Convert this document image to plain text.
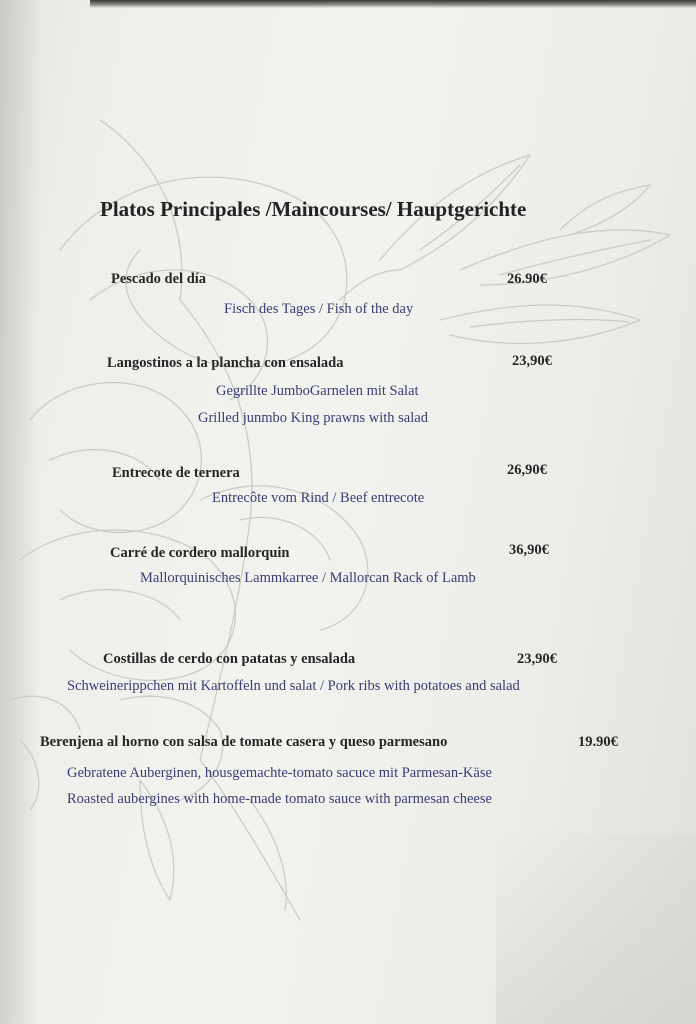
Platos Principales /Maincourses/ Hauptgerichte
Pescado del día	26.90€
Fisch des Tages / Fish of the day
Langostinos a la plancha con ensalada	23,90€
Gegrillte JumboGarnelen mit Salat
Grilled junmbo King prawns with salad
Entrecote de ternera	26,90€
Entrecôte vom Rind / Beef entrecote
Carré de cordero mallorquin	36,90€
Mallorquinisches Lammkarree / Mallorcan Rack of Lamb
Costillas de cerdo con patatas y ensalada	23,90€
Schweinerippchen mit Kartoffeln und salat / Pork ribs with potatoes and salad
Berenjena al horno con salsa de tomate casera y queso parmesano	19.90€
Gebratene Auberginen, housgemachte-tomato sacuce mit Parmesan-Käse
Roasted aubergines with home-made tomato sauce with parmesan cheese
